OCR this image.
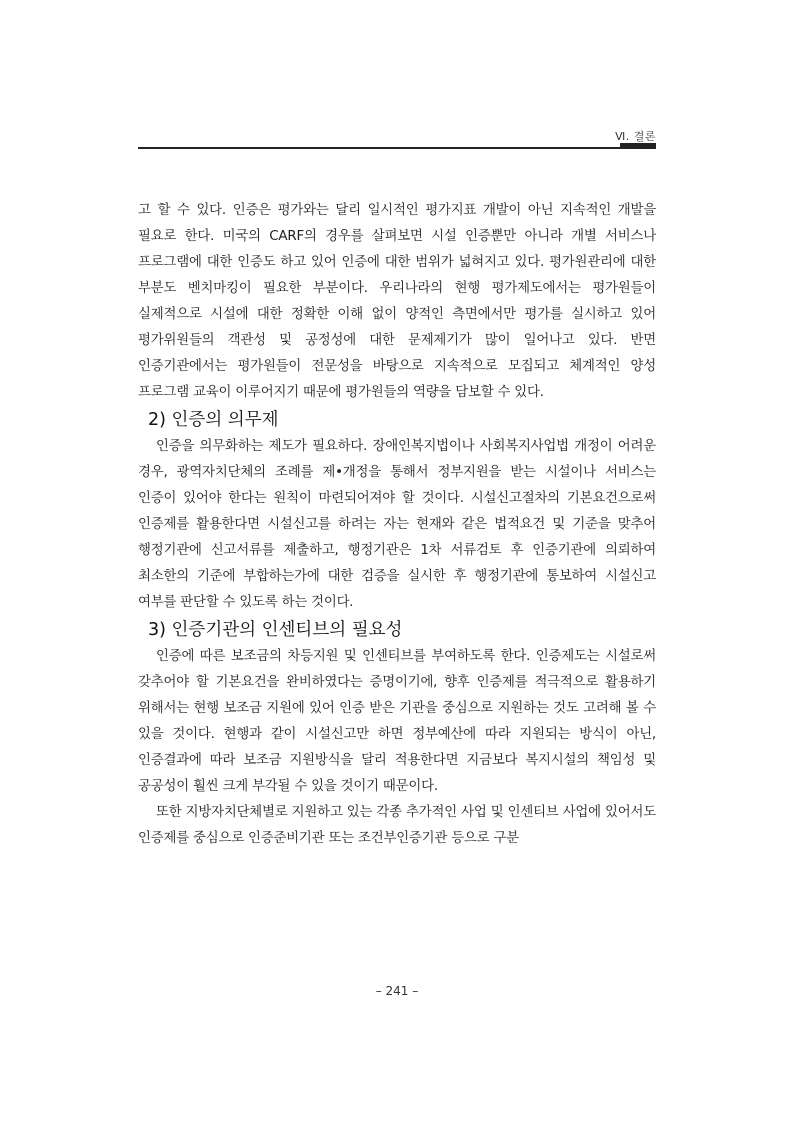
Ⅵ. 결론

고 할 수 있다. 인증은 평가와는 달리 일시적인 평가지표 개발이 아닌 지속적인 개발을 필요로 한다. 미국의 CARF의 경우를 살펴보면 시설 인증뿐만 아니라 개별 서비스나 프로그램에 대한 인증도 하고 있어 인증에 대한 범위가 넓혀지고 있다. 평가원관리에 대한 부분도 벤치마킹이 필요한 부분이다. 우리나라의 현행 평가제도에서는 평가원들이 실제적으로 시설에 대한 정확한 이해 없이 양적인 측면에서만 평가를 실시하고 있어 평가위원들의 객관성 및 공정성에 대한 문제제기가 많이 일어나고 있다. 반면 인증기관에서는 평가원들이 전문성을 바탕으로 지속적으로 모집되고 체계적인 양성 프로그램 교육이 이루어지기 때문에 평가원들의 역량을 담보할 수 있다.

2) 인증의 의무제

인증을 의무화하는 제도가 필요하다. 장애인복지법이나 사회복지사업법 개정이 어려운 경우, 광역자치단체의 조례를 제•개정을 통해서 정부지원을 받는 시설이나 서비스는 인증이 있어야 한다는 원칙이 마련되어져야 할 것이다. 시설신고절차의 기본요건으로써 인증제를 활용한다면 시설신고를 하려는 자는 현재와 같은 법적요건 및 기준을 맞추어 행정기관에 신고서류를 제출하고, 행정기관은 1차 서류검토 후 인증기관에 의뢰하여 최소한의 기준에 부합하는가에 대한 검증을 실시한 후 행정기관에 통보하여 시설신고 여부를 판단할 수 있도록 하는 것이다.

3) 인증기관의 인센티브의 필요성

인증에 따른 보조금의 차등지원 및 인센티브를 부여하도록 한다. 인증제도는 시설로써 갖추어야 할 기본요건을 완비하였다는 증명이기에, 향후 인증제를 적극적으로 활용하기 위해서는 현행 보조금 지원에 있어 인증 받은 기관을 중심으로 지원하는 것도 고려해 볼 수 있을 것이다. 현행과 같이 시설신고만 하면 정부예산에 따라 지원되는 방식이 아닌, 인증결과에 따라 보조금 지원방식을 달리 적용한다면 지금보다 복지시설의 책임성 및 공공성이 훨씬 크게 부각될 수 있을 것이기 때문이다.

또한 지방자치단체별로 지원하고 있는 각종 추가적인 사업 및 인센티브 사업에 있어서도 인증제를 중심으로 인증준비기관 또는 조건부인증기관 등으로 구분

– 241 –
